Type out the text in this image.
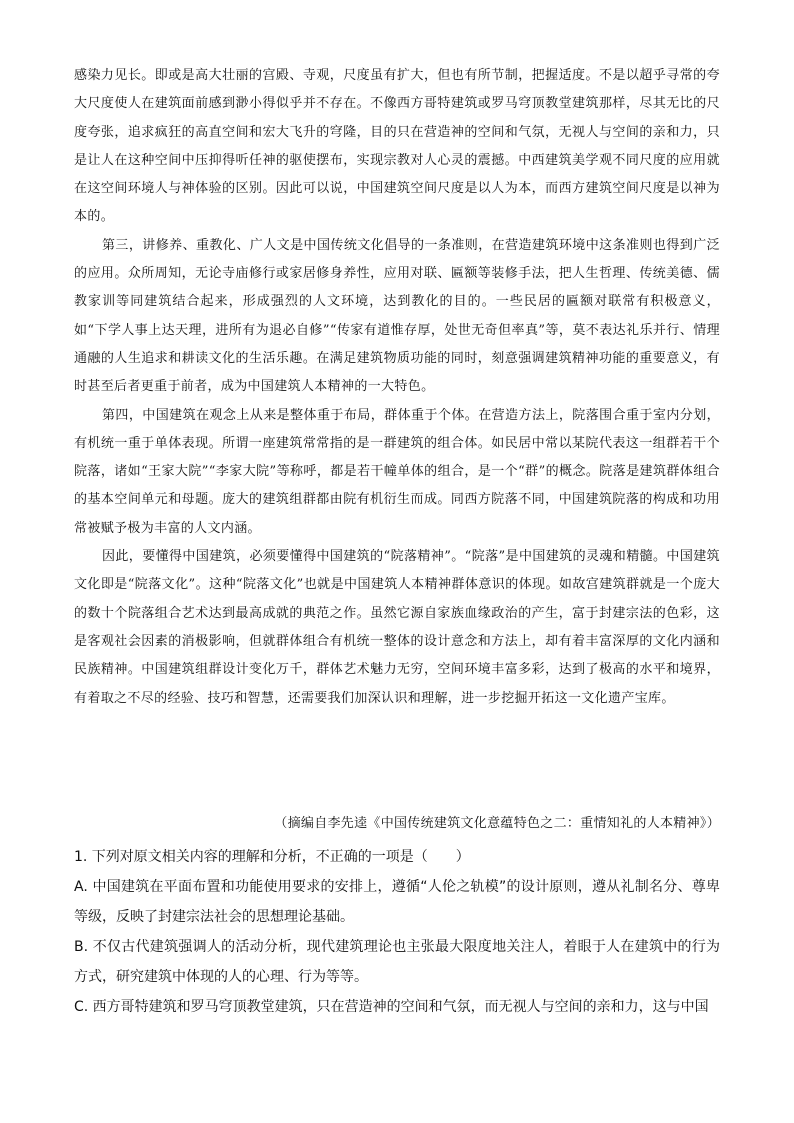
感染力见长。即或是高大壮丽的宫殿、寺观，尺度虽有扩大，但也有所节制，把握适度。不是以超乎寻常的夸大尺度使人在建筑面前感到渺小得似乎并不存在。不像西方哥特建筑或罗马穹顶教堂建筑那样，尽其无比的尺度夸张，追求疯狂的高直空间和宏大飞升的穹隆，目的只在营造神的空间和气氛，无视人与空间的亲和力，只是让人在这种空间中压抑得听任神的驱使摆布，实现宗教对人心灵的震撼。中西建筑美学观不同尺度的应用就在这空间环境人与神体验的区别。因此可以说，中国建筑空间尺度是以人为本，而西方建筑空间尺度是以神为本的。

第三，讲修养、重教化、广人文是中国传统文化倡导的一条准则，在营造建筑环境中这条准则也得到广泛的应用。众所周知，无论寺庙修行或家居修身养性，应用对联、匾额等装修手法，把人生哲理、传统美德、儒教家训等同建筑结合起来，形成强烈的人文环境，达到教化的目的。一些民居的匾额对联常有积极意义，如“下学人事上达天理，进所有为退必自修”“传家有道惟存厚，处世无奇但率真”等，莫不表达礼乐并行、情理通融的人生追求和耕读文化的生活乐趣。在满足建筑物质功能的同时，刻意强调建筑精神功能的重要意义，有时甚至后者更重于前者，成为中国建筑人本精神的一大特色。

第四，中国建筑在观念上从来是整体重于布局，群体重于个体。在营造方法上，院落围合重于室内分划，有机统一重于单体表现。所谓一座建筑常常指的是一群建筑的组合体。如民居中常以某院代表这一组群若干个院落，诸如“王家大院”“李家大院”等称呼，都是若干幢单体的组合，是一个“群”的概念。院落是建筑群体组合的基本空间单元和母题。庞大的建筑组群都由院有机衍生而成。同西方院落不同，中国建筑院落的构成和功用常被赋予极为丰富的人文内涵。

因此，要懂得中国建筑，必须要懂得中国建筑的“院落精神”。“院落”是中国建筑的灵魂和精髓。中国建筑文化即是“院落文化”。这种“院落文化”也就是中国建筑人本精神群体意识的体现。如故宫建筑群就是一个庞大的数十个院落组合艺术达到最高成就的典范之作。虽然它源自家族血缘政治的产生，富于封建宗法的色彩，这是客观社会因素的消极影响，但就群体组合有机统一整体的设计意念和方法上，却有着丰富深厚的文化内涵和民族精神。中国建筑组群设计变化万千，群体艺术魅力无穷，空间环境丰富多彩，达到了极高的水平和境界，有着取之不尽的经验、技巧和智慧，还需要我们加深认识和理解，进一步挖掘开拓这一文化遗产宝库。

（摘编自李先逵《中国传统建筑文化意蕴特色之二：重情知礼的人本精神》）

1. 下列对原文相关内容的理解和分析，不正确的一项是（　　）

A. 中国建筑在平面布置和功能使用要求的安排上，遵循“人伦之轨模”的设计原则，遵从礼制名分、尊卑等级，反映了封建宗法社会的思想理论基础。

B. 不仅古代建筑强调人的活动分析，现代建筑理论也主张最大限度地关注人，着眼于人在建筑中的行为方式，研究建筑中体现的人的心理、行为等等。

C. 西方哥特建筑和罗马穹顶教堂建筑，只在营造神的空间和气氛，而无视人与空间的亲和力，这与中国
